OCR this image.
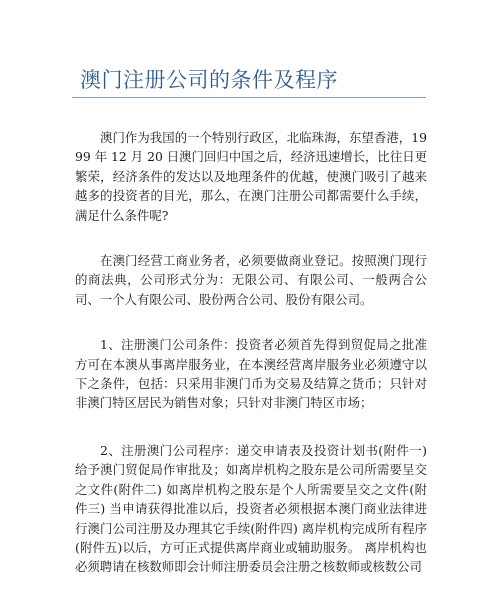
澳门注册公司的条件及程序

澳门作为我国的一个特别行政区，北临珠海，东望香港，1999 年 12 月 20 日澳门回归中国之后，经济迅速增长，比往日更繁荣，经济条件的发达以及地理条件的优越，使澳门吸引了越来越多的投资者的目光，那么，在澳门注册公司都需要什么手续，满足什么条件呢?

在澳门经营工商业务者，必须要做商业登记。按照澳门现行的商法典，公司形式分为：无限公司、有限公司、一般两合公司、一个人有限公司、股份两合公司、股份有限公司。

1、注册澳门公司条件：投资者必须首先得到贸促局之批准方可在本澳从事离岸服务业，在本澳经营离岸服务业必须遵守以下之条件，包括：只采用非澳门币为交易及结算之货币；只针对非澳门特区居民为销售对象；只针对非澳门特区市场；

2、注册澳门公司程序：递交申请表及投资计划书(附件一)给予澳门贸促局作审批及；如离岸机构之股东是公司所需要呈交之文件(附件二) 如离岸机构之股东是个人所需要呈交之文件(附件三) 当申请获得批准以后，投资者必须根据本澳门商业法律进行澳门公司注册及办理其它手续(附件四) 离岸机构完成所有程序(附件五)以后，方可正式提供离岸商业或辅助服务。 离岸机构也必须聘请在核数师即会计师注册委员会注册之核数师或核数公司
